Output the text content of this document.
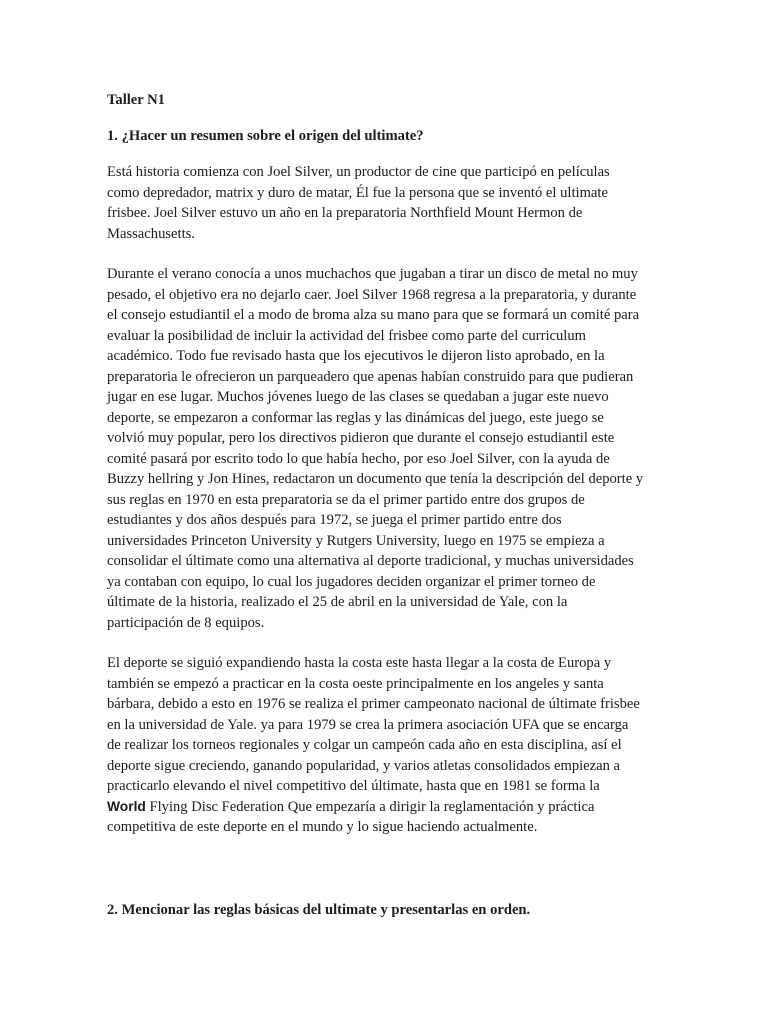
Taller N1
1. ¿Hacer un resumen sobre el origen del ultimate?
Está historia comienza con Joel Silver, un productor de cine que participó en películas
como depredador, matrix y duro de matar, Él fue la persona que se inventó el ultimate
frisbee. Joel Silver estuvo un año en la preparatoria Northfield Mount Hermon de
Massachusetts.
Durante el verano conocía a unos muchachos que jugaban a tirar un disco de metal no muy
pesado, el objetivo era no dejarlo caer. Joel Silver 1968 regresa a la preparatoria, y durante
el consejo estudiantil el a modo de broma alza su mano para que se formará un comité para
evaluar la posibilidad de incluir la actividad del frisbee como parte del curriculum
académico. Todo fue revisado hasta que los ejecutivos le dijeron listo aprobado, en la
preparatoria le ofrecieron un parqueadero que apenas habían construido para que pudieran
jugar en ese lugar. Muchos jóvenes luego de las clases se quedaban a jugar este nuevo
deporte, se empezaron a conformar las reglas y las dinámicas del juego, este juego se
volvió muy popular, pero los directivos pidieron que durante el consejo estudiantil este
comité pasará por escrito todo lo que había hecho, por eso Joel Silver, con la ayuda de
Buzzy hellring y Jon Hines, redactaron un documento que tenía la descripción del deporte y
sus reglas en 1970 en esta preparatoria se da el primer partido entre dos grupos de
estudiantes y dos años después para 1972, se juega el primer partido entre dos
universidades Princeton University y Rutgers University, luego en 1975 se empieza a
consolidar el últimate como una alternativa al deporte tradicional, y muchas universidades
ya contaban con equipo, lo cual los jugadores deciden organizar el primer torneo de
últimate de la historia, realizado el 25 de abril en la universidad de Yale, con la
participación de 8 equipos.
El deporte se siguió expandiendo hasta la costa este hasta llegar a la costa de Europa y
también se empezó a practicar en la costa oeste principalmente en los angeles y santa
bárbara, debido a esto en 1976 se realiza el primer campeonato nacional de últimate frisbee
en la universidad de Yale. ya para 1979 se crea la primera asociación UFA que se encarga
de realizar los torneos regionales y colgar un campeón cada año en esta disciplina, así el
deporte sigue creciendo, ganando popularidad, y varios atletas consolidados empiezan a
practicarlo elevando el nivel competitivo del últimate, hasta que en 1981 se forma la
World Flying Disc Federation Que empezaría a dirigir la reglamentación y práctica
competitiva de este deporte en el mundo y lo sigue haciendo actualmente.
2. Mencionar las reglas básicas del ultimate y presentarlas en orden.
